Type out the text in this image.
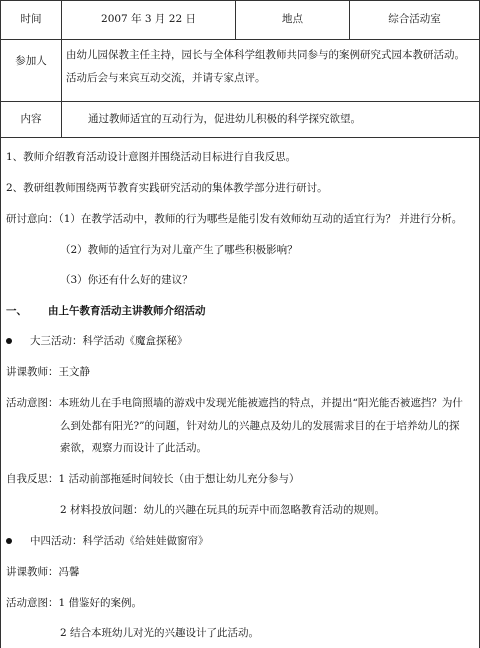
时间	2007 年 3 月 22 日	地点	综合活动室
参加人	由幼儿园保教主任主持，园长与全体科学组教师共同参与的案例研究式园本教研活动。
活动后会与来宾互动交流，并请专家点评。
内容	通过教师适宜的互动行为，促进幼儿积极的科学探究欲望。
1、教师介绍教育活动设计意图并围绕活动目标进行自我反思。
2、教研组教师围绕两节教育实践研究活动的集体教学部分进行研讨。
研讨意向：（1）在教学活动中，教师的行为哪些是能引发有效师幼互动的适宜行为？ 并进行分析。
（2）教师的适宜行为对儿童产生了哪些积极影响？
（3）你还有什么好的建议？
一、 由上午教育活动主讲教师介绍活动
大三活动：科学活动《魔盒探秘》
讲课教师：王文静
活动意图：本班幼儿在手电筒照墙的游戏中发现光能被遮挡的特点，并提出“阳光能否被遮挡？为什
么到处都有阳光?”的问题，针对幼儿的兴趣点及幼儿的发展需求目的在于培养幼儿的探
索欲，观察力而设计了此活动。
自我反思：1 活动前部拖延时间较长（由于想让幼儿充分参与）
2 材料投放问题：幼儿的兴趣在玩具的玩弄中而忽略教育活动的规则。
中四活动：科学活动《给娃娃做窗帘》
讲课教师：冯馨
活动意图：1 借鉴好的案例。
2 结合本班幼儿对光的兴趣设计了此活动。
